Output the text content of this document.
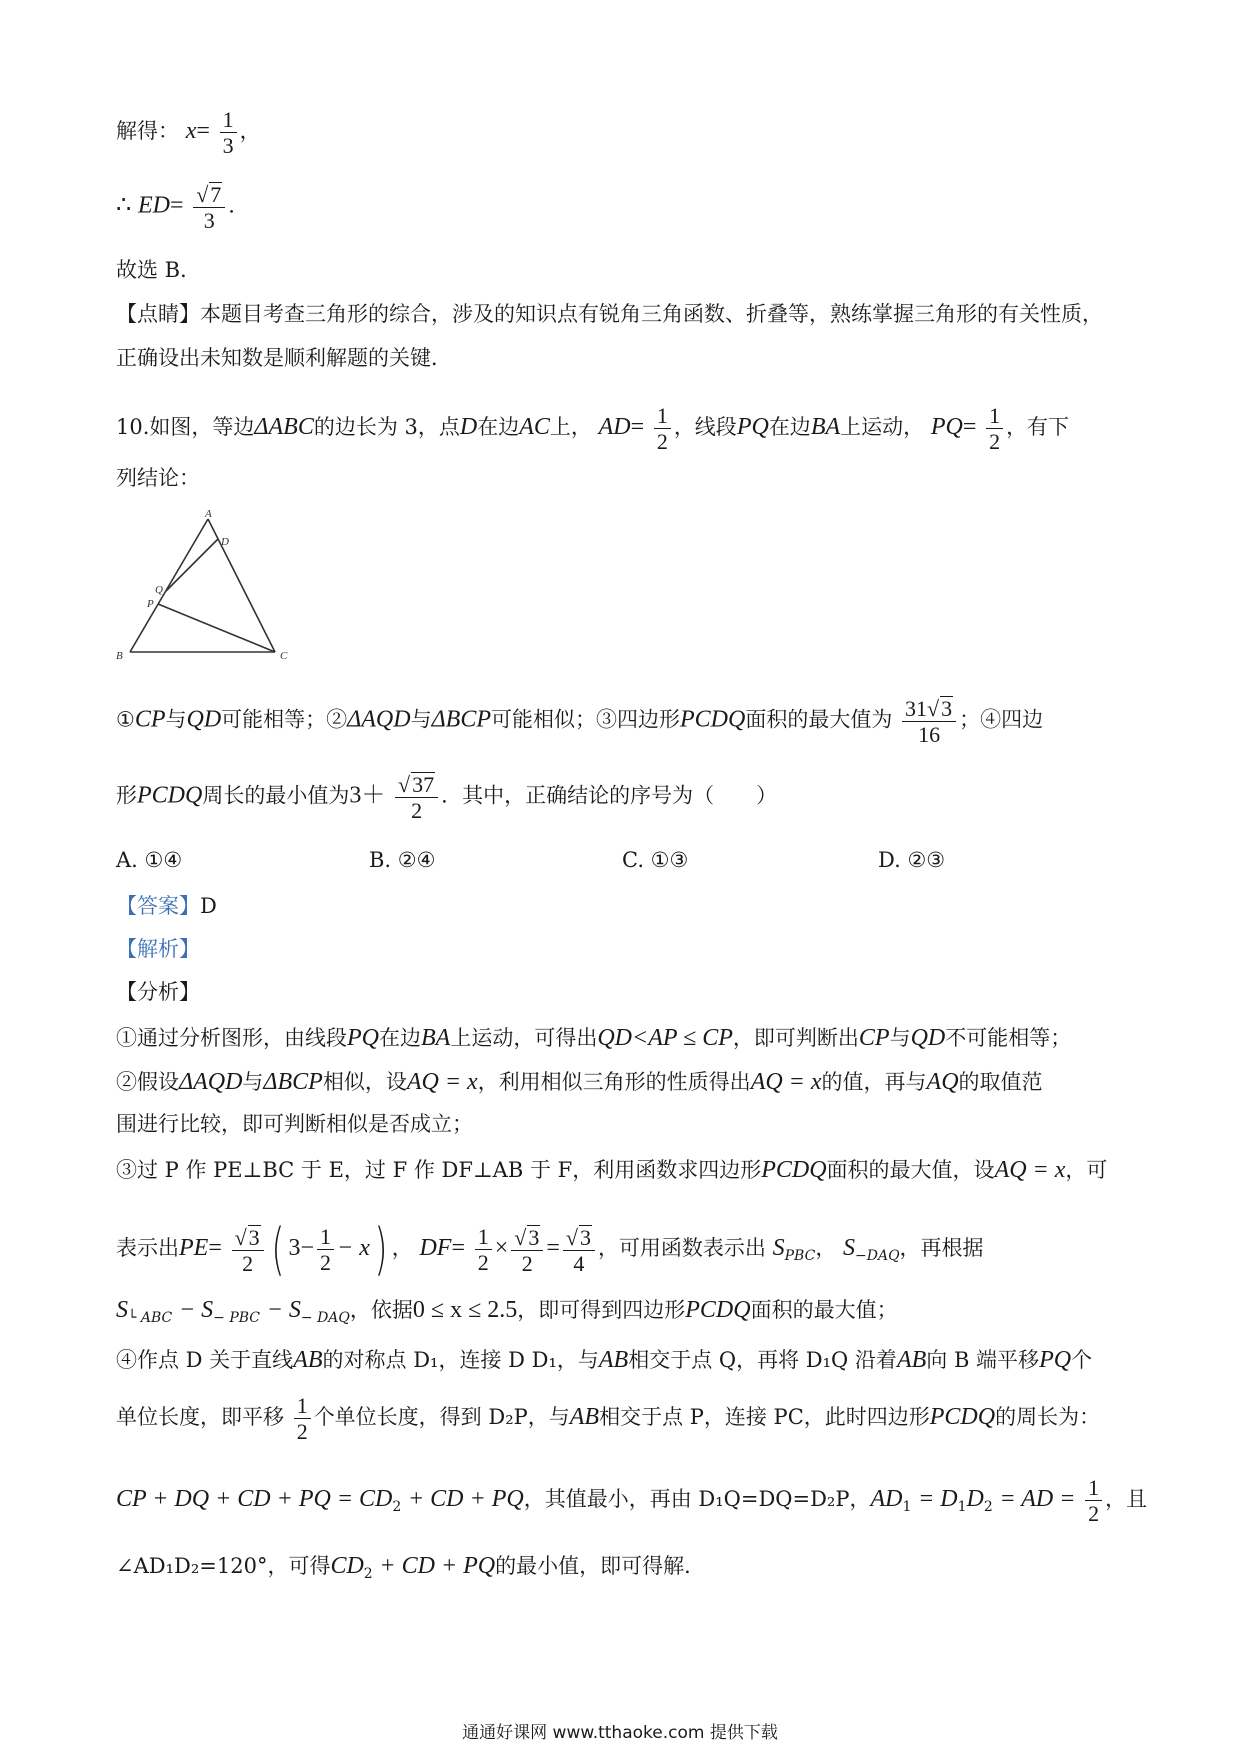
解得： $x= \frac{1}{3}$ ，
∴ $ED= \frac{√7}{3}$ .
故选 B．
【点睛】本题目考查三角形的综合，涉及的知识点有锐角三角函数、折叠等，熟练掌握三角形的有关性质，
正确设出未知数是顺利解题的关键．
10.如图，等边ΔABC的边长为 3，点D在边AC上， $AD= \frac{1}{2}$ ，线段PQ在边BA上运动， $PQ= \frac{1}{2}$ ，有下
列结论：
A
D
Q
P
B	C
①CP与QD可能相等；②ΔAQD与ΔBCP可能相似；③四边形PCDQ面积的最大值为 $\frac{31√3}{16}$ ；④四边
形PCDQ周长的最小值为$3+ \frac{√37}{2}$ ．其中，正确结论的序号为（　　）
A. ①④	B. ②④	C. ①③	D. ②③
【答案】D
【解析】
【分析】
①通过分析图形，由线段PQ在边BA上运动，可得出QD<AP ≤ CP，即可判断出CP与QD不可能相等；
②假设ΔAQD与ΔBCP相似，设AQ = x，利用相似三角形的性质得出AQ = x的值，再与AQ的取值范
围进行比较，即可判断相似是否成立；
③过 P 作 PE⊥BC 于 E，过 F 作 DF⊥AB 于 F，利用函数求四边形PCDQ面积的最大值，设AQ = x，可
表示出$PE= \frac{√3}{2}$ ( $3- \frac{1}{2} - x$) ， $DF= \frac{1}{2} \times \frac{√3}{2} = \frac{√3}{4}$ ，可用函数表示出 $S_{PBC}$， $S_{-DAQ}$，再根据
$S_{└ ABC} - S_{- PBC} - S_{- DAQ}$，依据0 ≤ x ≤ 2.5，即可得到四边形PCDQ面积的最大值；
④作点 D 关于直线AB的对称点 D₁，连接 D D₁，与AB相交于点 Q，再将 D₁Q 沿着AB向 B 端平移PQ个
单位长度，即平移 $\frac{1}{2}$ 个单位长度，得到 D₂P，与AB相交于点 P，连接 PC，此时四边形PCDQ的周长为：
CP + DQ + CD + PQ = $CD_2$ + CD + PQ，其值最小，再由 D₁Q=DQ=D₂P，$AD_1 = D_1D_2$ = AD = $\frac{1}{2}$ ，且
∠AD₁D₂=120°，可得$CD_2$ + CD + PQ的最小值，即可得解．
通通好课网 www.tthaoke.com 提供下载
